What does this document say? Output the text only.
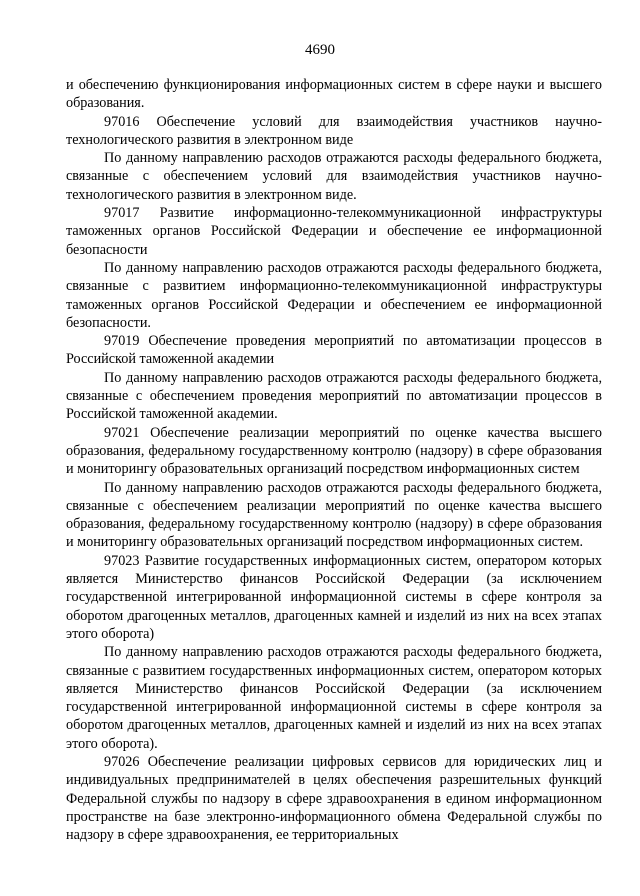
4690

и обеспечению функционирования информационных систем в сфере науки и высшего образования.

97016 Обеспечение условий для взаимодействия участников научно-технологического развития в электронном виде

По данному направлению расходов отражаются расходы федерального бюджета, связанные с обеспечением условий для взаимодействия участников научно-технологического развития в электронном виде.

97017 Развитие информационно-телекоммуникационной инфраструктуры таможенных органов Российской Федерации и обеспечение ее информационной безопасности

По данному направлению расходов отражаются расходы федерального бюджета, связанные с развитием информационно-телекоммуникационной инфраструктуры таможенных органов Российской Федерации и обеспечением ее информационной безопасности.

97019 Обеспечение проведения мероприятий по автоматизации процессов в Российской таможенной академии

По данному направлению расходов отражаются расходы федерального бюджета, связанные с обеспечением проведения мероприятий по автоматизации процессов в Российской таможенной академии.

97021 Обеспечение реализации мероприятий по оценке качества высшего образования, федеральному государственному контролю (надзору) в сфере образования и мониторингу образовательных организаций посредством информационных систем

По данному направлению расходов отражаются расходы федерального бюджета, связанные с обеспечением реализации мероприятий по оценке качества высшего образования, федеральному государственному контролю (надзору) в сфере образования и мониторингу образовательных организаций посредством информационных систем.

97023 Развитие государственных информационных систем, оператором которых является Министерство финансов Российской Федерации (за исключением государственной интегрированной информационной системы в сфере контроля за оборотом драгоценных металлов, драгоценных камней и изделий из них на всех этапах этого оборота)

По данному направлению расходов отражаются расходы федерального бюджета, связанные с развитием государственных информационных систем, оператором которых является Министерство финансов Российской Федерации (за исключением государственной интегрированной информационной системы в сфере контроля за оборотом драгоценных металлов, драгоценных камней и изделий из них на всех этапах этого оборота).

97026 Обеспечение реализации цифровых сервисов для юридических лиц и индивидуальных предпринимателей в целях обеспечения разрешительных функций Федеральной службы по надзору в сфере здравоохранения в едином информационном пространстве на базе электронно-информационного обмена Федеральной службы по надзору в сфере здравоохранения, ее территориальных
